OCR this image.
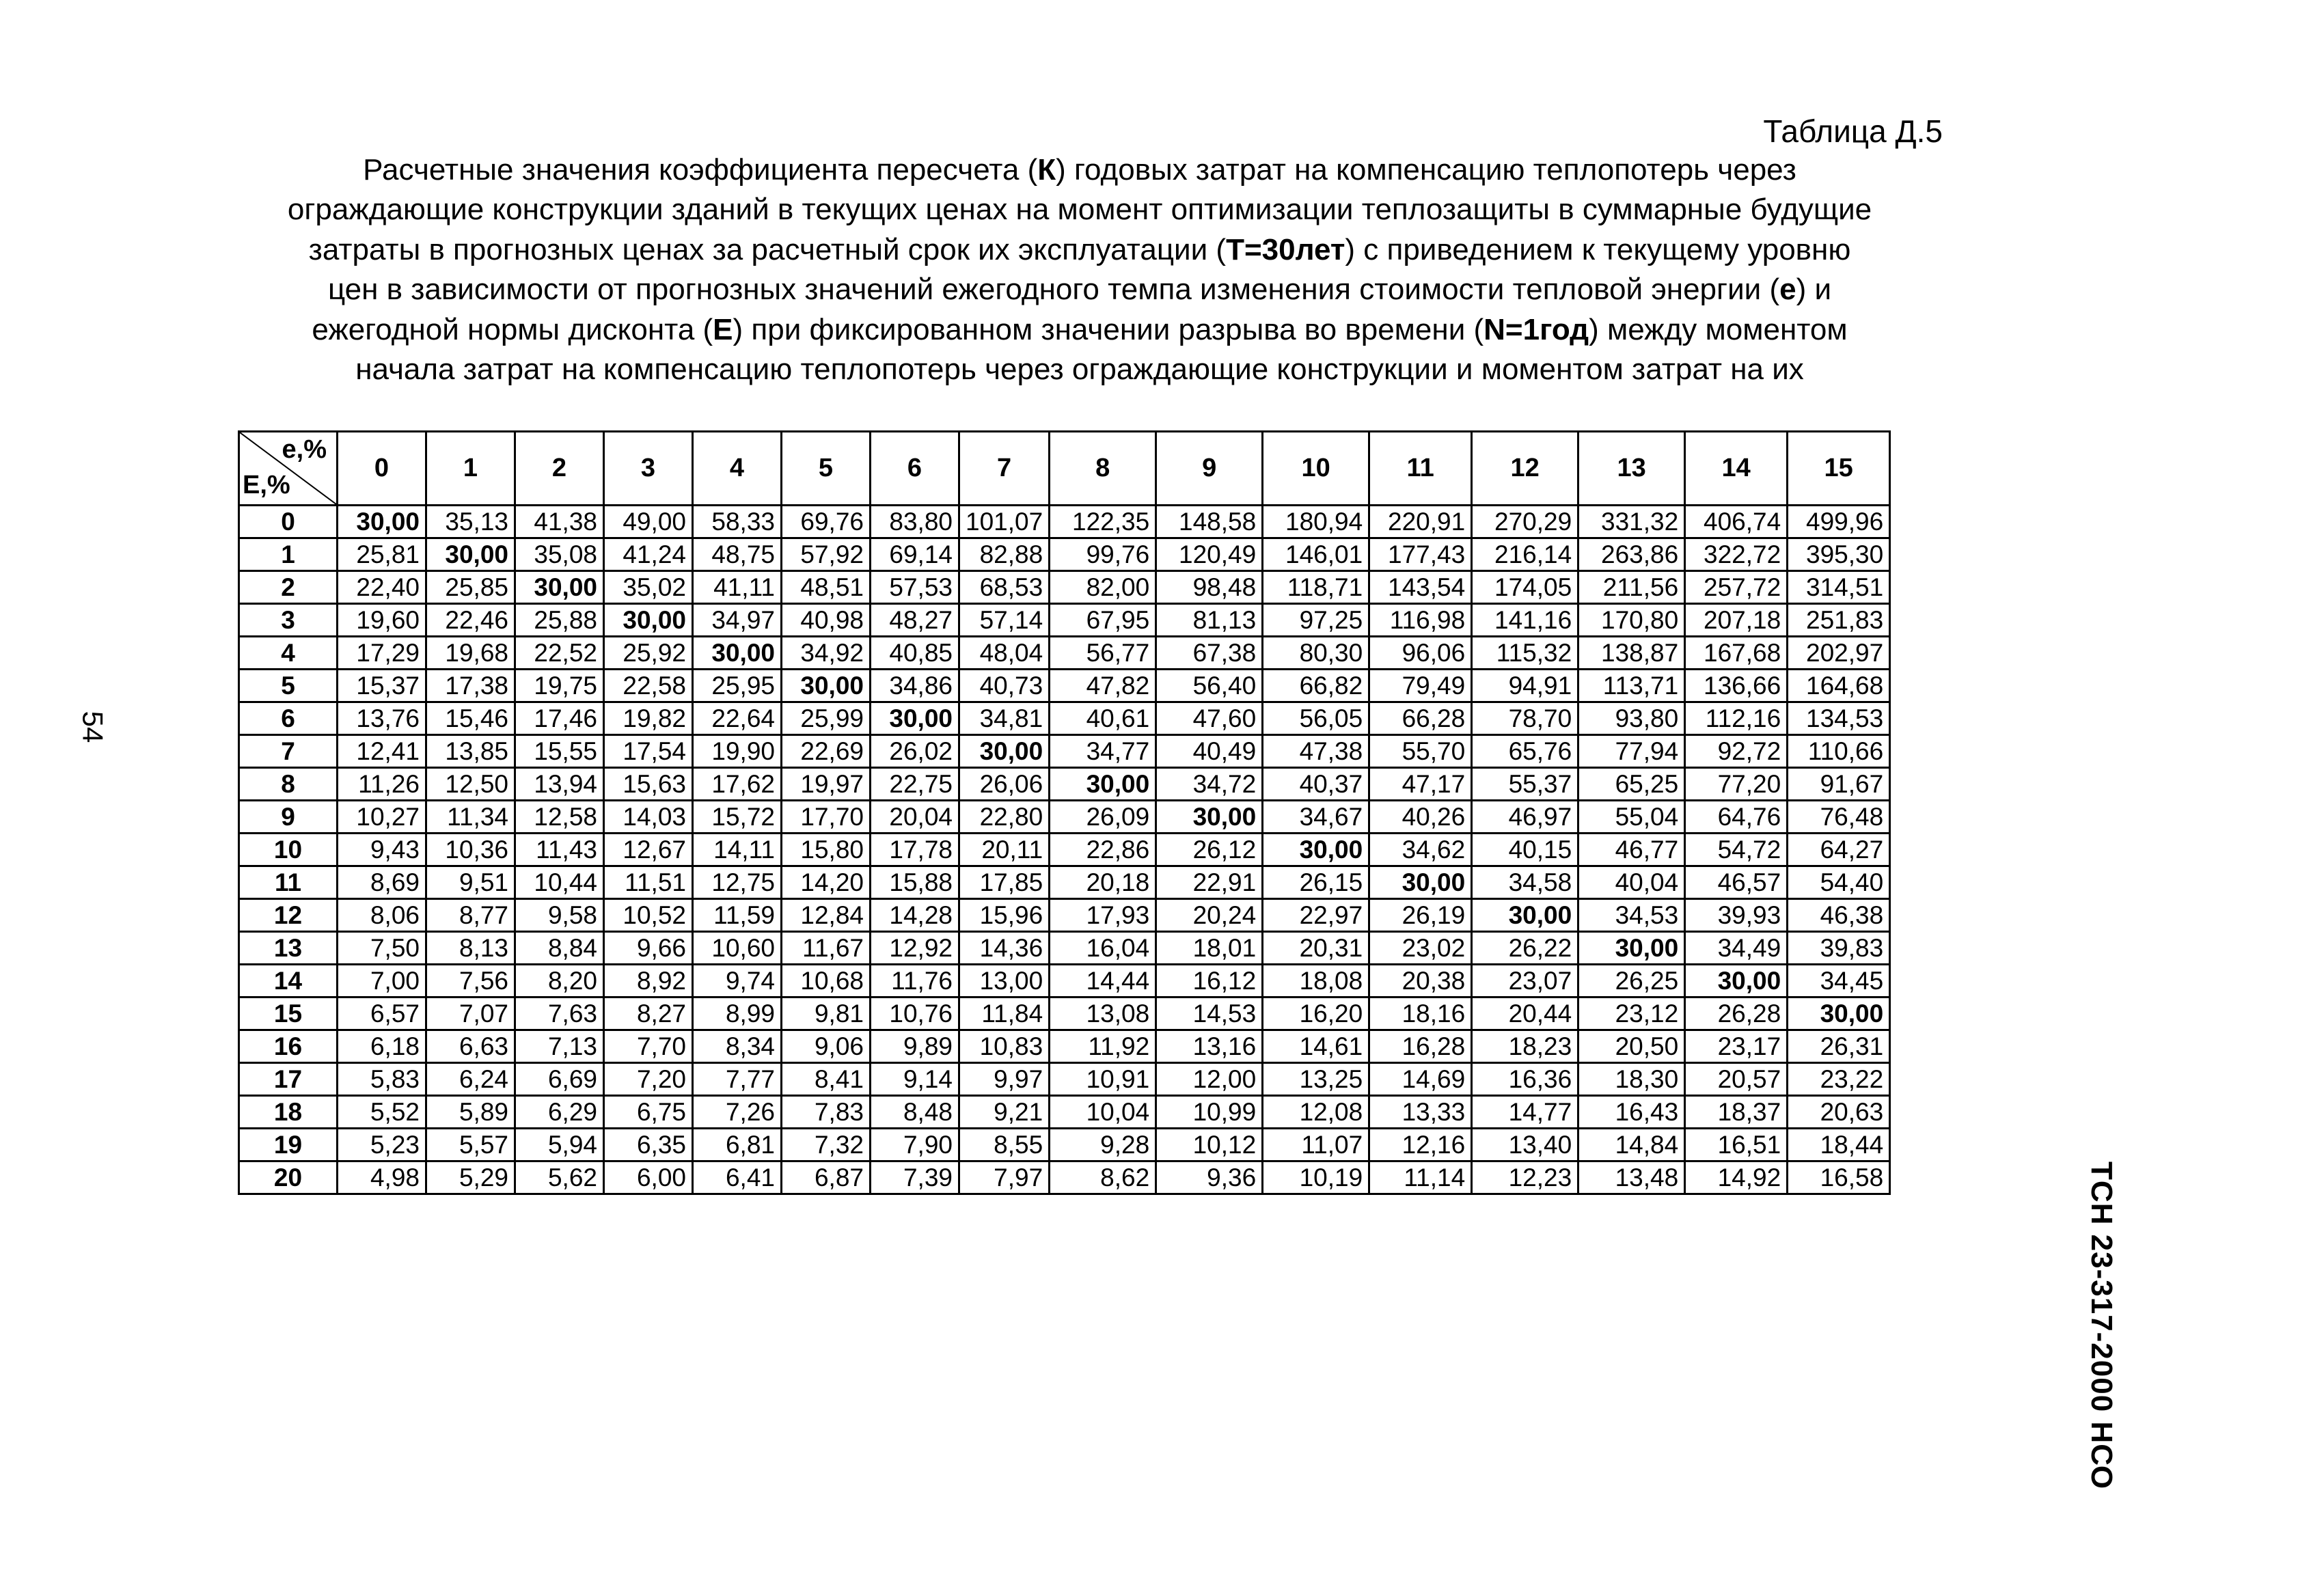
Таблица Д.5
Расчетные значения коэффициента пересчета (К) годовых затрат на компенсацию теплопотерь через
ограждающие конструкции зданий в текущих ценах на момент оптимизации теплозащиты в суммарные будущие
затраты в прогнозных ценах за расчетный срок их эксплуатации (Т=30лет) с приведением к текущему уровню
цен в зависимости от прогнозных значений ежегодного темпа изменения стоимости тепловой энергии (е) и
ежегодной нормы дисконта (Е) при фиксированном значении разрыва во времени (N=1год) между моментом
начала затрат на компенсацию теплопотерь через ограждающие конструкции и моментом затрат на их
54
ТСН 23-317-2000 НСО
е,%
Е,%	0	1	2	3	4	5	6	7	8	9	10	11	12	13	14	15
0	30,00	35,13	41,38	49,00	58,33	69,76	83,80	101,07	122,35	148,58	180,94	220,91	270,29	331,32	406,74	499,96
1	25,81	30,00	35,08	41,24	48,75	57,92	69,14	82,88	99,76	120,49	146,01	177,43	216,14	263,86	322,72	395,30
2	22,40	25,85	30,00	35,02	41,11	48,51	57,53	68,53	82,00	98,48	118,71	143,54	174,05	211,56	257,72	314,51
3	19,60	22,46	25,88	30,00	34,97	40,98	48,27	57,14	67,95	81,13	97,25	116,98	141,16	170,80	207,18	251,83
4	17,29	19,68	22,52	25,92	30,00	34,92	40,85	48,04	56,77	67,38	80,30	96,06	115,32	138,87	167,68	202,97
5	15,37	17,38	19,75	22,58	25,95	30,00	34,86	40,73	47,82	56,40	66,82	79,49	94,91	113,71	136,66	164,68
6	13,76	15,46	17,46	19,82	22,64	25,99	30,00	34,81	40,61	47,60	56,05	66,28	78,70	93,80	112,16	134,53
7	12,41	13,85	15,55	17,54	19,90	22,69	26,02	30,00	34,77	40,49	47,38	55,70	65,76	77,94	92,72	110,66
8	11,26	12,50	13,94	15,63	17,62	19,97	22,75	26,06	30,00	34,72	40,37	47,17	55,37	65,25	77,20	91,67
9	10,27	11,34	12,58	14,03	15,72	17,70	20,04	22,80	26,09	30,00	34,67	40,26	46,97	55,04	64,76	76,48
10	9,43	10,36	11,43	12,67	14,11	15,80	17,78	20,11	22,86	26,12	30,00	34,62	40,15	46,77	54,72	64,27
11	8,69	9,51	10,44	11,51	12,75	14,20	15,88	17,85	20,18	22,91	26,15	30,00	34,58	40,04	46,57	54,40
12	8,06	8,77	9,58	10,52	11,59	12,84	14,28	15,96	17,93	20,24	22,97	26,19	30,00	34,53	39,93	46,38
13	7,50	8,13	8,84	9,66	10,60	11,67	12,92	14,36	16,04	18,01	20,31	23,02	26,22	30,00	34,49	39,83
14	7,00	7,56	8,20	8,92	9,74	10,68	11,76	13,00	14,44	16,12	18,08	20,38	23,07	26,25	30,00	34,45
15	6,57	7,07	7,63	8,27	8,99	9,81	10,76	11,84	13,08	14,53	16,20	18,16	20,44	23,12	26,28	30,00
16	6,18	6,63	7,13	7,70	8,34	9,06	9,89	10,83	11,92	13,16	14,61	16,28	18,23	20,50	23,17	26,31
17	5,83	6,24	6,69	7,20	7,77	8,41	9,14	9,97	10,91	12,00	13,25	14,69	16,36	18,30	20,57	23,22
18	5,52	5,89	6,29	6,75	7,26	7,83	8,48	9,21	10,04	10,99	12,08	13,33	14,77	16,43	18,37	20,63
19	5,23	5,57	5,94	6,35	6,81	7,32	7,90	8,55	9,28	10,12	11,07	12,16	13,40	14,84	16,51	18,44
20	4,98	5,29	5,62	6,00	6,41	6,87	7,39	7,97	8,62	9,36	10,19	11,14	12,23	13,48	14,92	16,58
